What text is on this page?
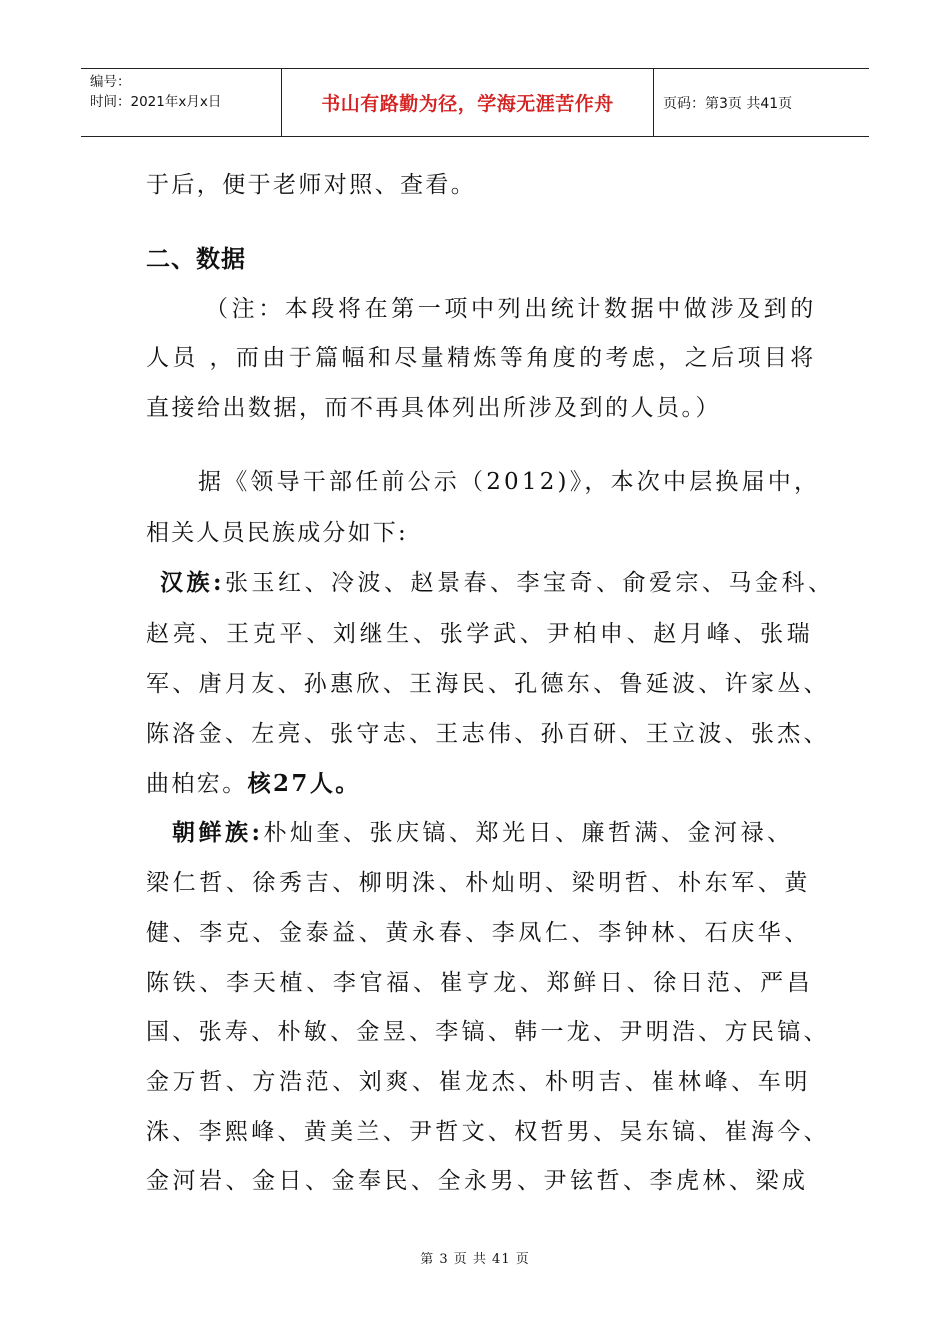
编号：
时间：2021年x月x日	书山有路勤为径，学海无涯苦作舟	页码：第3页 共41页
于后，便于老师对照、查看。
二、数据
（注：本段将在第一项中列出统计数据中做涉及到的
人员 ，而由于篇幅和尽量精炼等角度的考虑，之后项目将
直接给出数据，而不再具体列出所涉及到的人员。）
据《领导干部任前公示（2012)》，本次中层换届中，
相关人员民族成分如下:
汉族:张玉红、冷波、赵景春、李宝奇、俞爱宗、马金科、
赵亮、王克平、刘继生、张学武、尹柏申、赵月峰、张瑞
军、唐月友、孙惠欣、王海民、孔德东、鲁延波、许家丛、
陈洛金、左亮、张守志、王志伟、孙百研、王立波、张杰、
曲柏宏。核27人。
朝鲜族:朴灿奎、张庆镐、郑光日、廉哲满、金河禄、
梁仁哲、徐秀吉、柳明洙、朴灿明、梁明哲、朴东军、黄
健、李克、金泰益、黄永春、李凤仁、李钟林、石庆华、
陈铁、李天植、李官福、崔亨龙、郑鲜日、徐日范、严昌
国、张寿、朴敏、金昱、李镐、韩一龙、尹明浩、方民镐、
金万哲、方浩范、刘爽、崔龙杰、朴明吉、崔林峰、车明
洙、李熙峰、黄美兰、尹哲文、权哲男、吴东镐、崔海今、
金河岩、金日、金奉民、全永男、尹铉哲、李虎林、梁成
第 3 页 共 41 页
